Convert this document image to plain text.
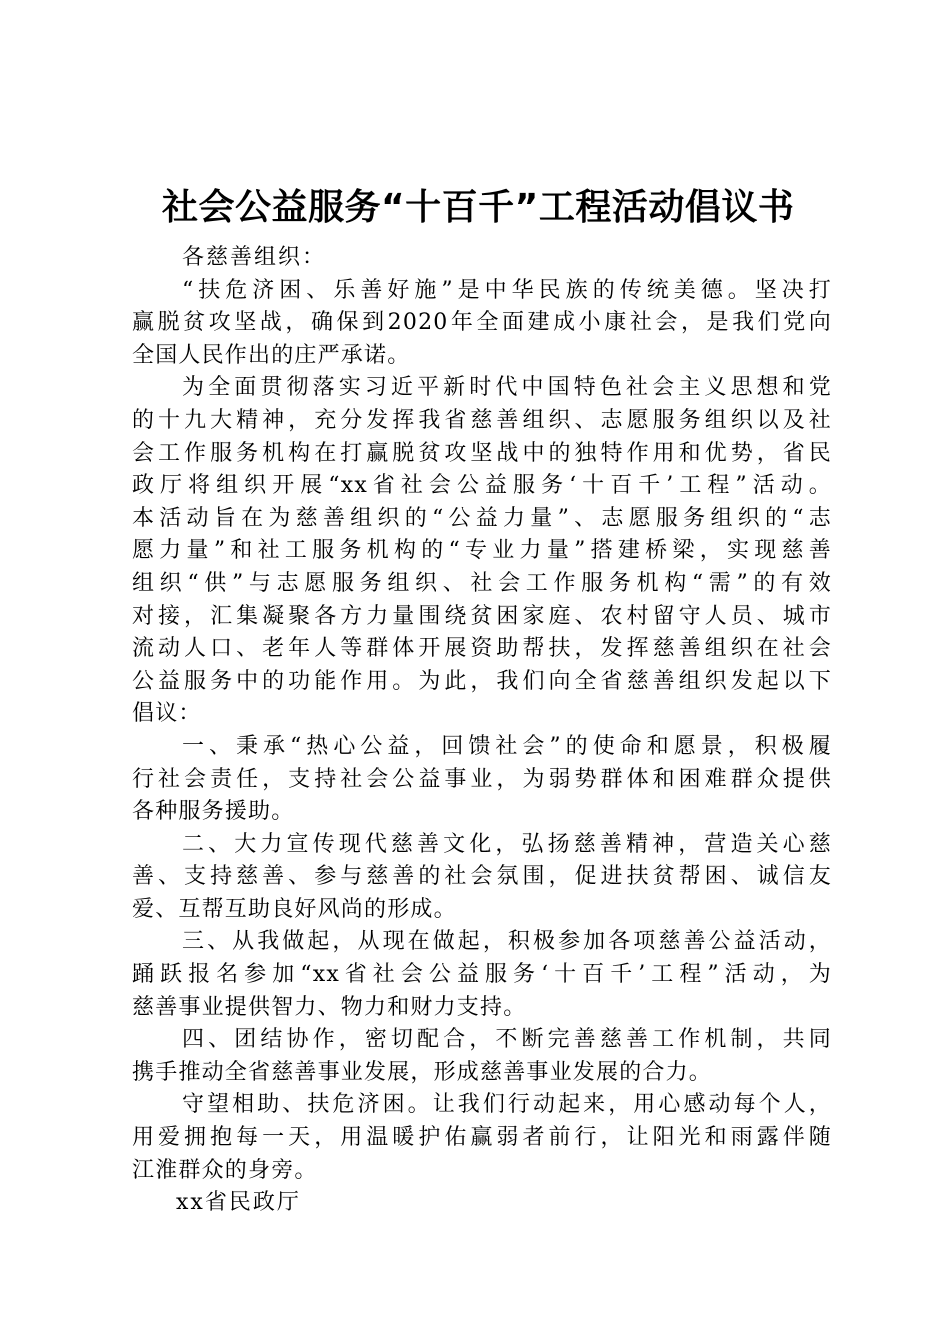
社会公益服务“十百千”工程活动倡议书

各慈善组织：

“扶危济困、乐善好施”是中华民族的传统美德。坚决打
赢脱贫攻坚战，确保到2020年全面建成小康社会，是我们党向
全国人民作出的庄严承诺。
为全面贯彻落实习近平新时代中国特色社会主义思想和党
的十九大精神，充分发挥我省慈善组织、志愿服务组织以及社
会工作服务机构在打赢脱贫攻坚战中的独特作用和优势，省民
政厅将组织开展“xx省社会公益服务‘十百千’工程”活动。
本活动旨在为慈善组织的“公益力量”、志愿服务组织的“志
愿力量”和社工服务机构的“专业力量”搭建桥梁，实现慈善
组织“供”与志愿服务组织、社会工作服务机构“需”的有效
对接，汇集凝聚各方力量围绕贫困家庭、农村留守人员、城市
流动人口、老年人等群体开展资助帮扶，发挥慈善组织在社会
公益服务中的功能作用。为此，我们向全省慈善组织发起以下
倡议：
一、秉承“热心公益，回馈社会”的使命和愿景，积极履
行社会责任，支持社会公益事业，为弱势群体和困难群众提供
各种服务援助。
二、大力宣传现代慈善文化，弘扬慈善精神，营造关心慈
善、支持慈善、参与慈善的社会氛围，促进扶贫帮困、诚信友
爱、互帮互助良好风尚的形成。
三、从我做起，从现在做起，积极参加各项慈善公益活动，
踊跃报名参加“xx省社会公益服务‘十百千’工程”活动，为
慈善事业提供智力、物力和财力支持。
四、团结协作，密切配合，不断完善慈善工作机制，共同
携手推动全省慈善事业发展，形成慈善事业发展的合力。
守望相助、扶危济困。让我们行动起来，用心感动每个人，
用爱拥抱每一天，用温暖护佑赢弱者前行，让阳光和雨露伴随
江淮群众的身旁。

xx省民政厅
